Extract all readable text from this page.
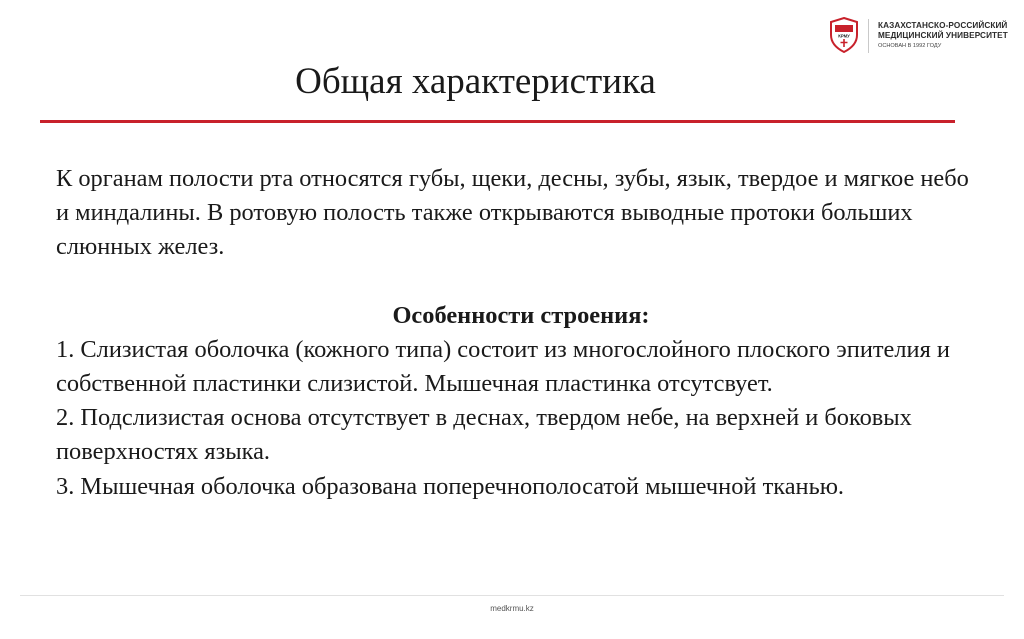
КРМУ
КАЗАХСТАНСКО-РОССИЙСКИЙ
МЕДИЦИНСКИЙ УНИВЕРСИТЕТ
ОСНОВАН В 1992 ГОДУ
Общая характеристика

К органам полости рта относятся губы, щеки, десны, зубы, язык, твердое и мягкое небо и миндалины. В ротовую полость также открываются выводные протоки больших слюнных желез.

Особенности строения:

1. Слизистая оболочка (кожного типа) состоит из многослойного плоского эпителия и собственной пластинки слизистой. Мышечная пластинка отсутсвует.

2. Подслизистая основа отсутствует в деснах, твердом небе, на верхней и боковых поверхностях языка.

3. Мышечная оболочка образована поперечнополосатой мышечной тканью.

medkrmu.kz
